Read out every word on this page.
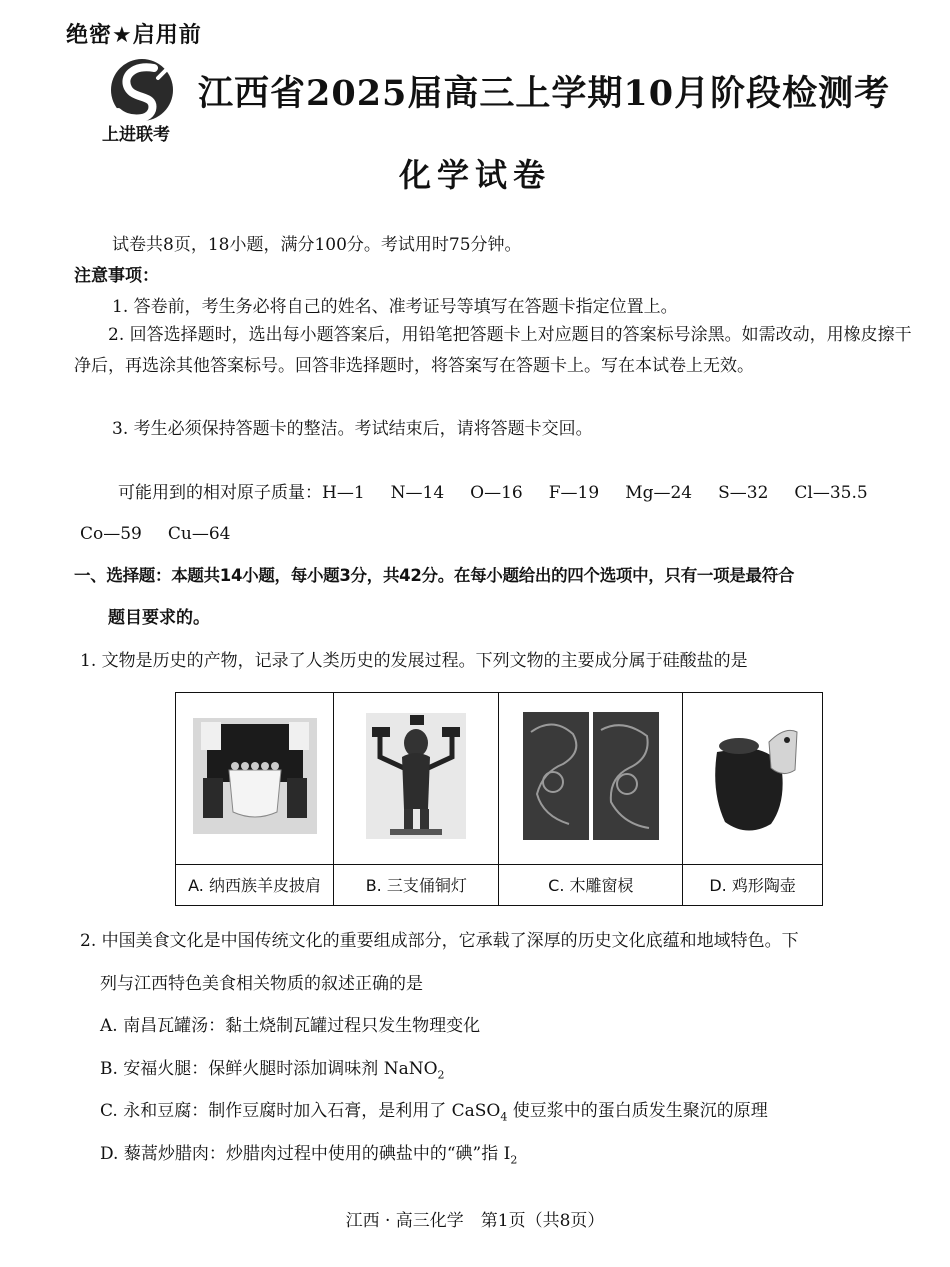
绝密★启用前
上进联考
江西省2025届高三上学期10月阶段检测考
化学试卷
试卷共8页，18小题，满分100分。考试用时75分钟。
注意事项：
1. 答卷前，考生务必将自己的姓名、准考证号等填写在答题卡指定位置上。
2. 回答选择题时，选出每小题答案后，用铅笔把答题卡上对应题目的答案标号涂黑。如需改动，用橡皮擦干净后，再选涂其他答案标号。回答非选择题时，将答案写在答题卡上。写在本试卷上无效。
3. 考生必须保持答题卡的整洁。考试结束后，请将答题卡交回。
可能用到的相对原子质量：H—1 N—14 O—16 F—19 Mg—24 S—32 Cl—35.5
Co—59 Cu—64
一、选择题：本题共14小题，每小题3分，共42分。在每小题给出的四个选项中，只有一项是最符合
题目要求的。
1. 文物是历史的产物，记录了人类历史的发展过程。下列文物的主要成分属于硅酸盐的是

A. 纳西族羊皮披肩	B. 三支俑铜灯	C. 木雕窗棂	D. 鸡形陶壶
2. 中国美食文化是中国传统文化的重要组成部分，它承载了深厚的历史文化底蕴和地域特色。下
列与江西特色美食相关物质的叙述正确的是
A. 南昌瓦罐汤：黏土烧制瓦罐过程只发生物理变化
B. 安福火腿：保鲜火腿时添加调味剂 NaNO$_2$
C. 永和豆腐：制作豆腐时加入石膏，是利用了 CaSO$_4$ 使豆浆中的蛋白质发生聚沉的原理
D. 藜蒿炒腊肉：炒腊肉过程中使用的碘盐中的“碘”指 $I_2$
江西 · 高三化学　第1页（共8页）
